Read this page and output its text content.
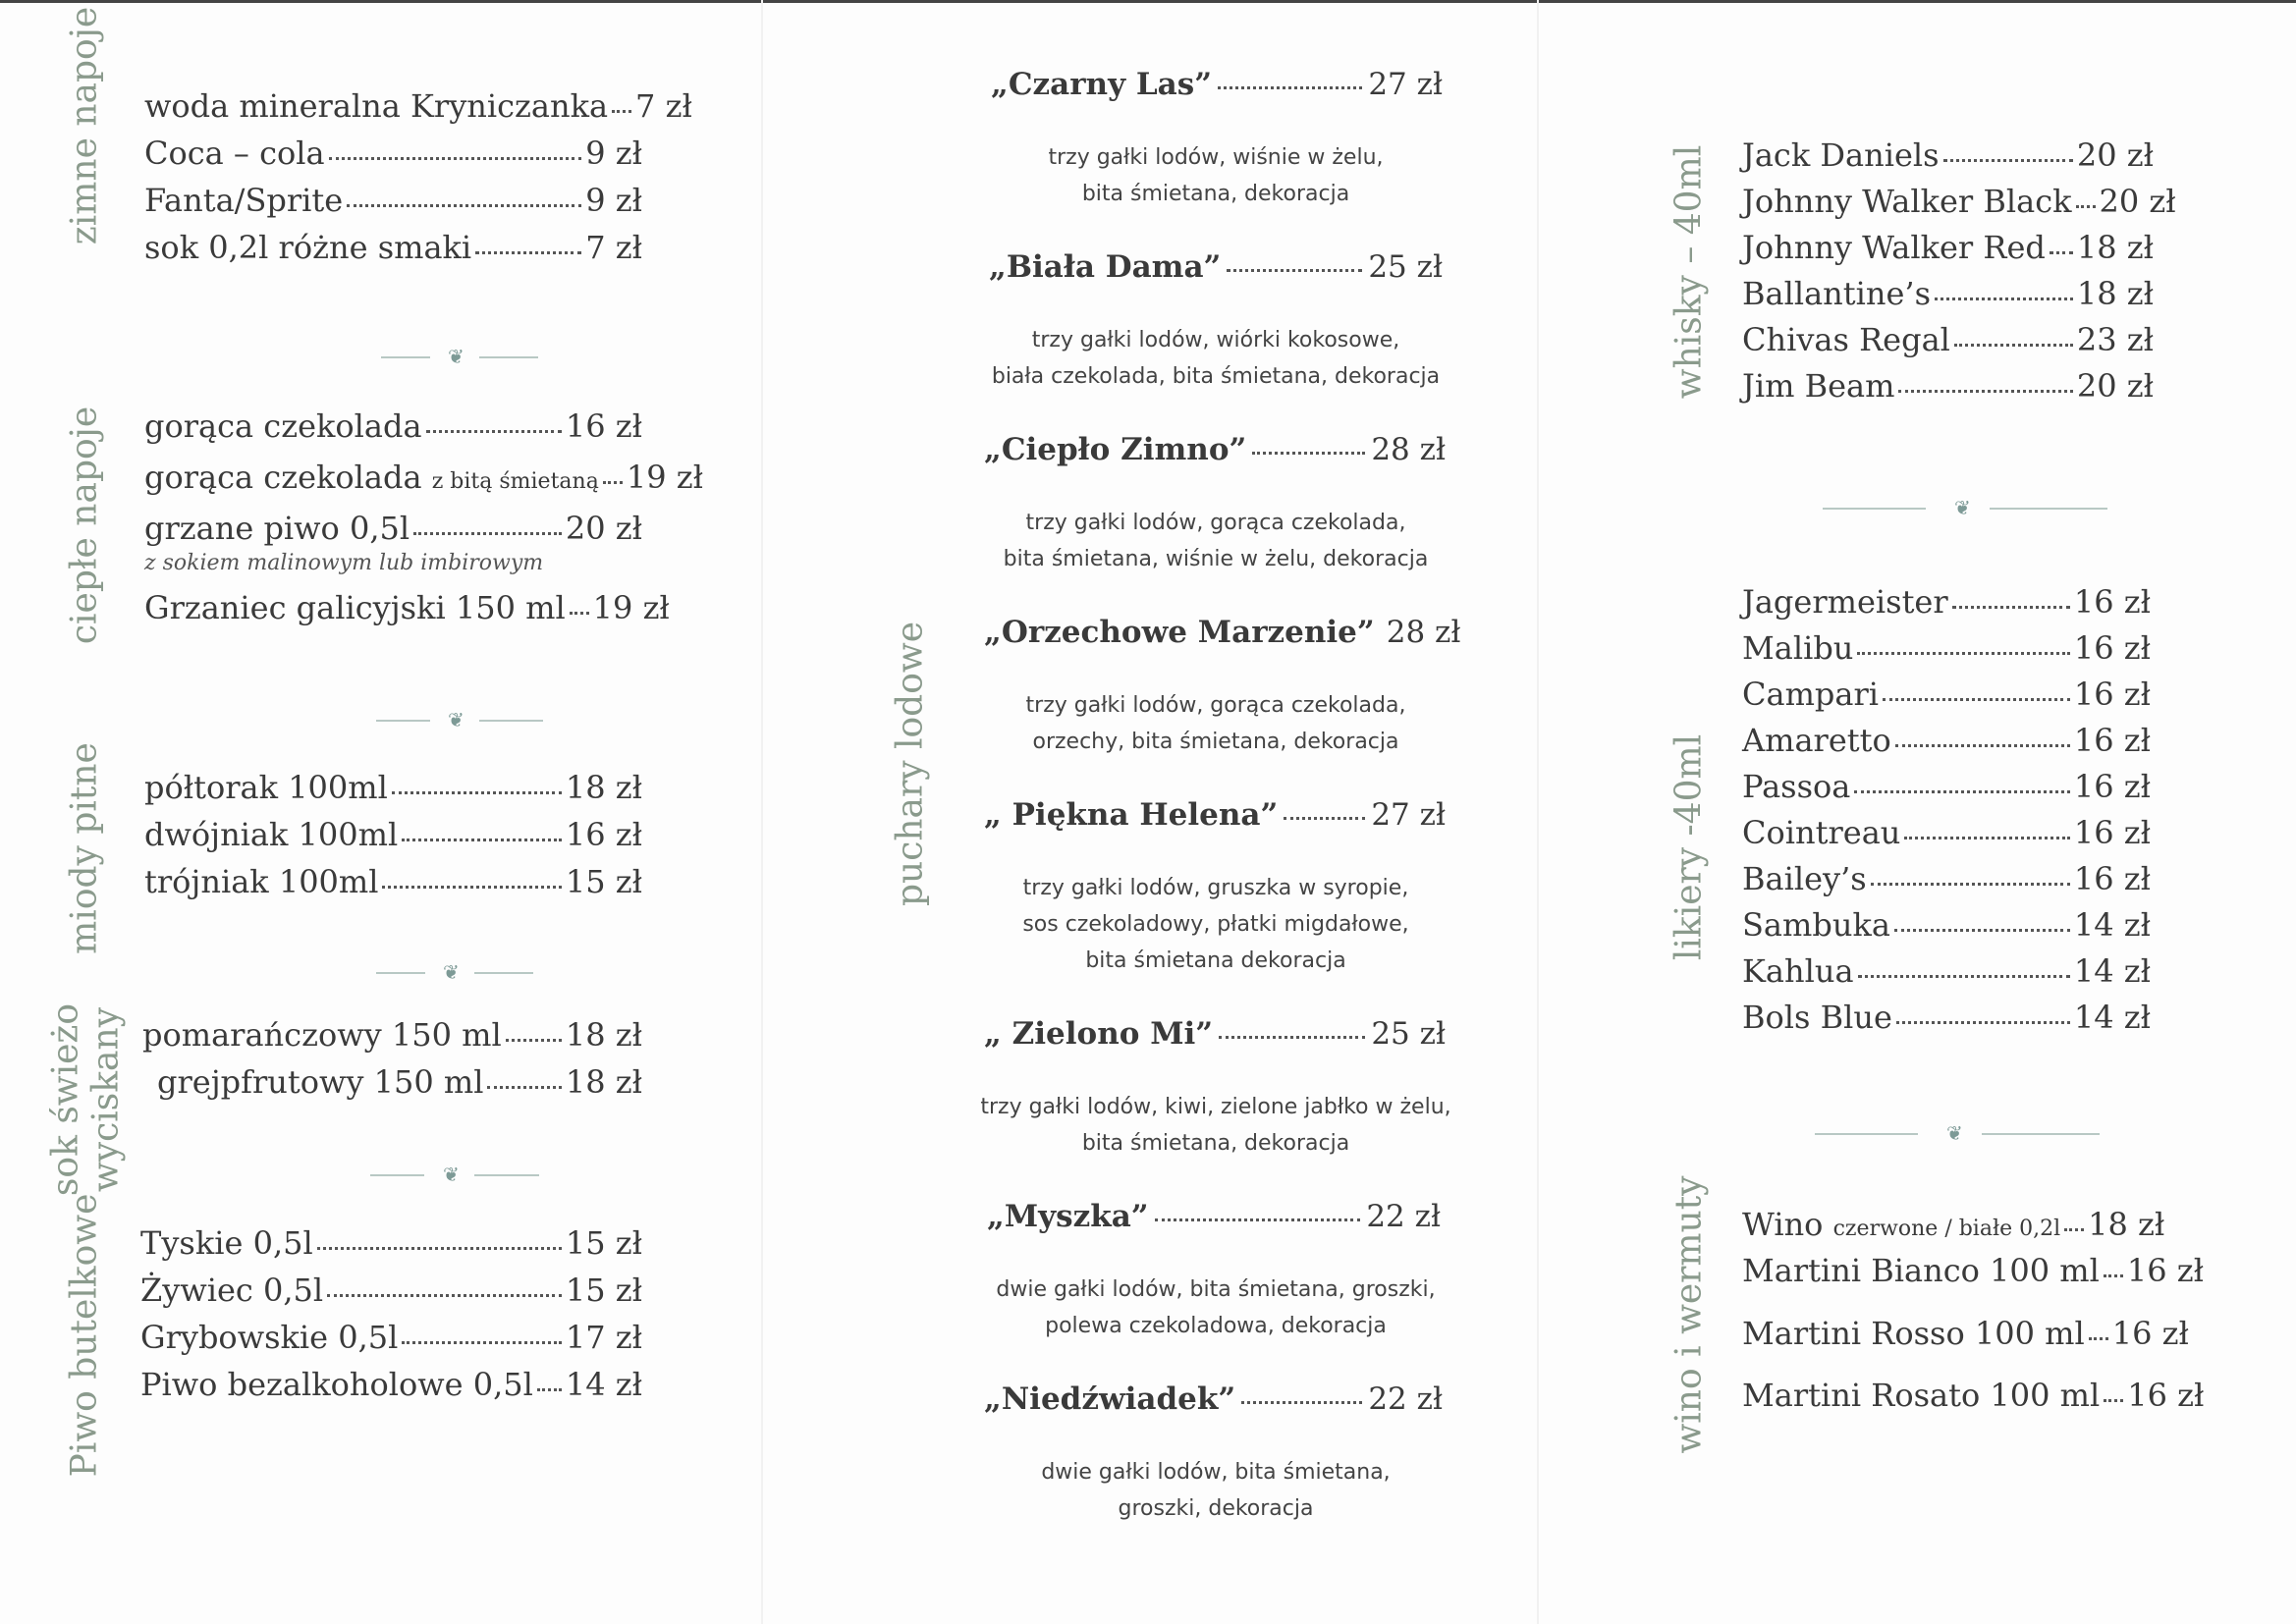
zimne napoje woda mineralna Kryniczanka 7 zł
Coca – cola	9 zł
Fanta/Sprite	9 zł
sok 0,2l różne smaki	7 zł
❦
ciepłe napoje gorąca czekolada	16 zł
gorąca czekolada z bitą śmietaną 19 zł
grzane piwo 0,5l	20 zł
z sokiem malinowym lub imbirowym
Grzaniec galicyjski 150 ml 19 zł
❦
miody pitne półtorak 100ml	18 zł
dwójniak 100ml	16 zł
trójniak 100ml	15 zł
❦
sok świeżo wyciskany pomarańczowy 150 ml 18 zł
grejpfrutowy 150 ml	18 zł
❦
Piwo butelkowe Tyskie 0,5l	15 zł
Żywiec 0,5l	15 zł
Grybowskie 0,5l	17 zł
Piwo bezalkoholowe 0,5l 14 zł
puchary lodowe
„Czarny Las”	27 zł
trzy gałki lodów, wiśnie w żelu,
bita śmietana, dekoracja
„Biała Dama”	25 zł
trzy gałki lodów, wiórki kokosowe,
biała czekolada, bita śmietana, dekoracja
„Ciepło Zimno”	28 zł
trzy gałki lodów, gorąca czekolada,
bita śmietana, wiśnie w żelu, dekoracja
„Orzechowe Marzenie” 28 zł
trzy gałki lodów, gorąca czekolada,
orzechy, bita śmietana, dekoracja
„ Piękna Helena”	27 zł
trzy gałki lodów, gruszka w syropie,
sos czekoladowy, płatki migdałowe,
bita śmietana dekoracja
„ Zielono Mi”	25 zł
trzy gałki lodów, kiwi, zielone jabłko w żelu,
bita śmietana, dekoracja
„Myszka”	22 zł
dwie gałki lodów, bita śmietana, groszki,
polewa czekoladowa, dekoracja
„Niedźwiadek”	22 zł
dwie gałki lodów, bita śmietana,
groszki, dekoracja
whisky – 40ml Jack Daniels	20 zł
Johnny Walker Black 20 zł
Johnny Walker Red 18 zł
Ballantine’s	18 zł
Chivas Regal	23 zł
Jim Beam	20 zł
❦
likiery -40ml
Jagermeister	16 zł
Malibu	16 zł
Campari	16 zł
Amaretto	16 zł
Passoa	16 zł
Cointreau	16 zł
Bailey’s	16 zł
Sambuka	14 zł
Kahlua	14 zł
Bols Blue	14 zł
❦
wino i wermuty Wino czerwone / białe 0,2l 18 zł
Martini Bianco 100 ml 16 zł
Martini Rosso 100 ml 16 zł
Martini Rosato 100 ml 16 zł
